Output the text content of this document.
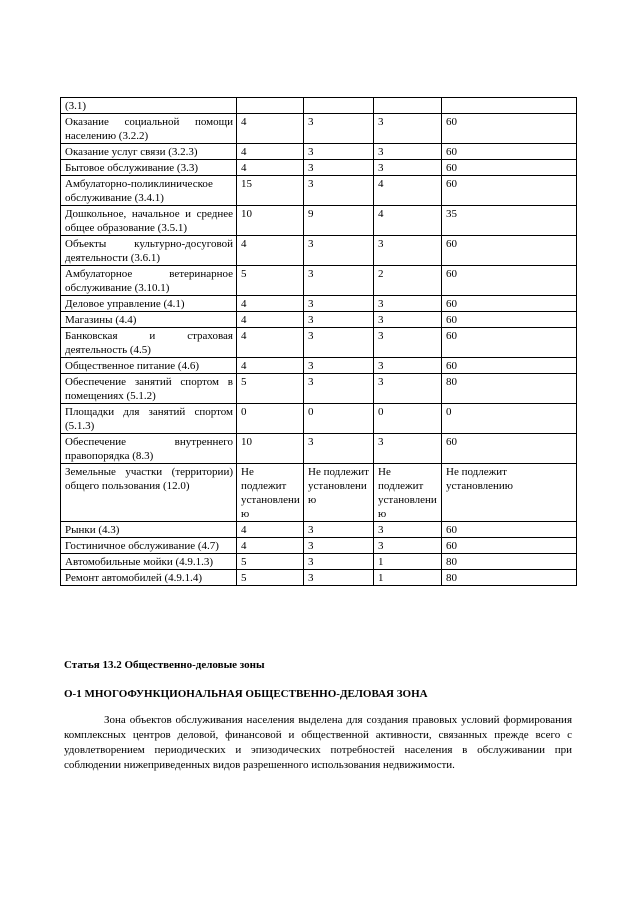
(3.1)				
Оказание социальной помощи населению (3.2.2)	4	3	3	60
Оказание услуг связи (3.2.3)	4	3	3	60
Бытовое обслуживание (3.3)	4	3	3	60
Амбулаторно-поликлиническое обслуживание (3.4.1)	15	3	4	60
Дошкольное, начальное и среднее общее образование (3.5.1)	10	9	4	35
Объекты культурно-досуговой деятельности (3.6.1)	4	3	3	60
Амбулаторное ветеринарное обслуживание (3.10.1)	5	3	2	60
Деловое управление (4.1)	4	3	3	60
Магазины (4.4)	4	3	3	60
Банковская и страховая деятельность (4.5)	4	3	3	60
Общественное питание (4.6)	4	3	3	60
Обеспечение занятий спортом в помещениях (5.1.2)	5	3	3	80
Площадки для занятий спортом (5.1.3)	0	0	0	0
Обеспечение внутреннего правопорядка (8.3)	10	3	3	60
Земельные участки (территории) общего пользования (12.0)	Не подлежит установлению	Не подлежит установлению	Не подлежит установлению	Не подлежит установлению
Рынки (4.3)	4	3	3	60
Гостиничное обслуживание (4.7)	4	3	3	60
Автомобильные мойки (4.9.1.3)	5	3	1	80
Ремонт автомобилей (4.9.1.4)	5	3	1	80
Статья 13.2 Общественно-деловые зоны
О-1 МНОГОФУНКЦИОНАЛЬНАЯ ОБЩЕСТВЕННО-ДЕЛОВАЯ ЗОНА

Зона объектов обслуживания населения выделена для создания правовых условий формирования комплексных центров деловой, финансовой и общественной активности, связанных прежде всего с удовлетворением периодических и эпизодических потребностей населения в обслуживании при соблюдении нижеприведенных видов разрешенного использования недвижимости.
